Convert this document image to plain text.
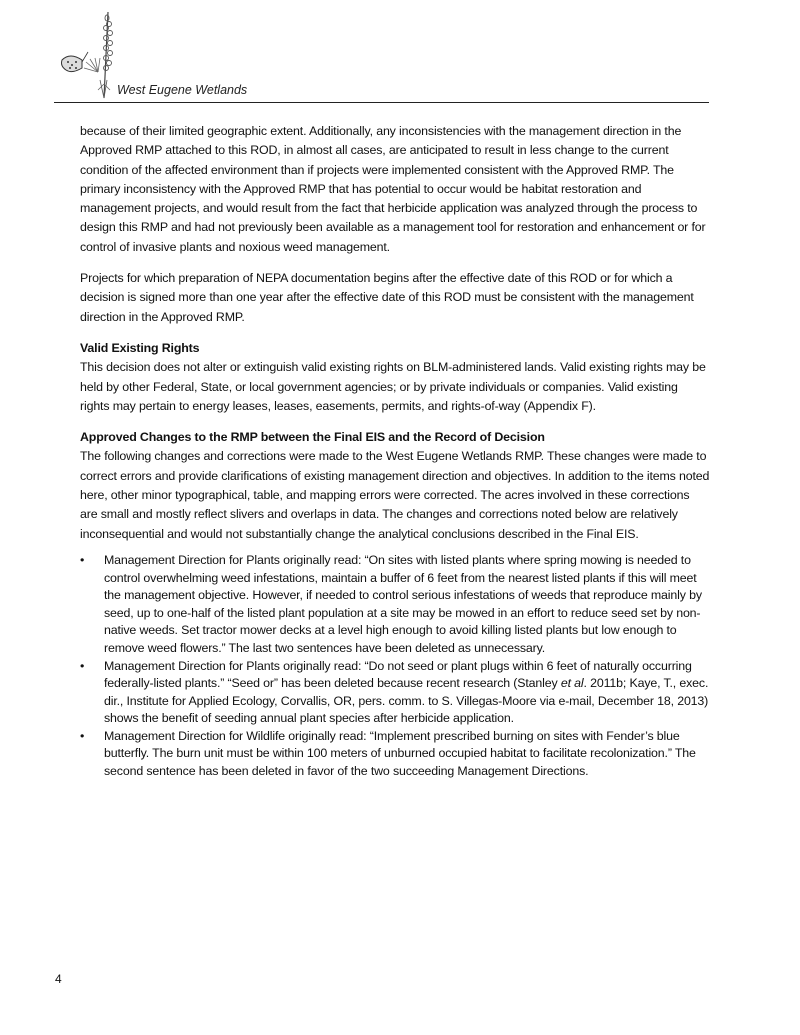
West Eugene Wetlands

because of their limited geographic extent. Additionally, any inconsistencies with the management direction in the Approved RMP attached to this ROD, in almost all cases, are anticipated to result in less change to the current condition of the affected environment than if projects were implemented consistent with the Approved RMP. The primary inconsistency with the Approved RMP that has potential to occur would be habitat restoration and management projects, and would result from the fact that herbicide application was analyzed through the process to design this RMP and had not previously been available as a management tool for restoration and enhancement or for control of invasive plants and noxious weed management.

Projects for which preparation of NEPA documentation begins after the effective date of this ROD or for which a decision is signed more than one year after the effective date of this ROD must be consistent with the management direction in the Approved RMP.

Valid Existing Rights

This decision does not alter or extinguish valid existing rights on BLM-administered lands. Valid existing rights may be held by other Federal, State, or local government agencies; or by private individuals or companies. Valid existing rights may pertain to energy leases, leases, easements, permits, and rights-of-way (Appendix F).

Approved Changes to the RMP between the Final EIS and the Record of Decision

The following changes and corrections were made to the West Eugene Wetlands RMP. These changes were made to correct errors and provide clarifications of existing management direction and objectives. In addition to the items noted here, other minor typographical, table, and mapping errors were corrected. The acres involved in these corrections are small and mostly reflect slivers and overlaps in data. The changes and corrections noted below are relatively inconsequential and would not substantially change the analytical conclusions described in the Final EIS.

• Management Direction for Plants originally read: “On sites with listed plants where spring mowing is needed to control overwhelming weed infestations, maintain a buffer of 6 feet from the nearest listed plants if this will meet the management objective. However, if needed to control serious infestations of weeds that reproduce mainly by seed, up to one-half of the listed plant population at a site may be mowed in an effort to reduce seed set by non-native weeds. Set tractor mower decks at a level high enough to avoid killing listed plants but low enough to remove weed flowers.” The last two sentences have been deleted as unnecessary.
• Management Direction for Plants originally read: “Do not seed or plant plugs within 6 feet of naturally occurring federally-listed plants.” “Seed or” has been deleted because recent research (Stanley et al. 2011b; Kaye, T., exec. dir., Institute for Applied Ecology, Corvallis, OR, pers. comm. to S. Villegas-Moore via e-mail, December 18, 2013) shows the benefit of seeding annual plant species after herbicide application.
• Management Direction for Wildlife originally read: “Implement prescribed burning on sites with Fender’s blue butterfly. The burn unit must be within 100 meters of unburned occupied habitat to facilitate recolonization.” The second sentence has been deleted in favor of the two succeeding Management Directions.
4
